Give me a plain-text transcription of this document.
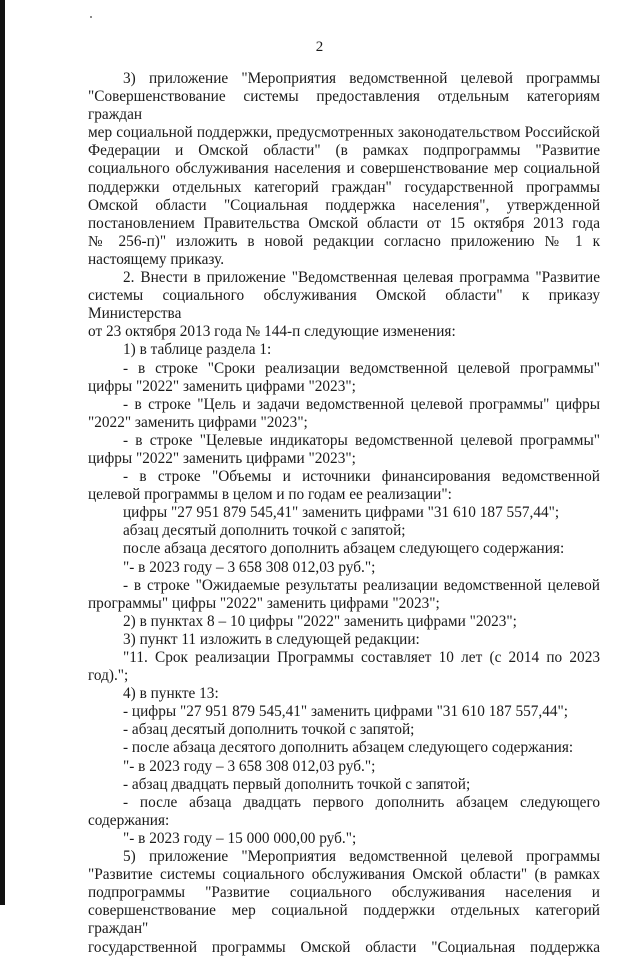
2

3) приложение "Мероприятия ведомственной целевой программы

"Совершенствование системы предоставления отдельным категориям граждан

мер социальной поддержки, предусмотренных законодательством Российской

Федерации и Омской области" (в рамках подпрограммы "Развитие

социального обслуживания населения и совершенствование мер социальной

поддержки отдельных категорий граждан" государственной программы

Омской области "Социальная поддержка населения", утвержденной

постановлением Правительства Омской области от 15 октября 2013 года

№ 256-п)" изложить в новой редакции согласно приложению № 1 к

настоящему приказу.

2. Внести в приложение "Ведомственная целевая программа "Развитие

системы социального обслуживания Омской области" к приказу Министерства

от 23 октября 2013 года № 144-п следующие изменения:

1) в таблице раздела 1:

- в строке "Сроки реализации ведомственной целевой программы"

цифры "2022" заменить цифрами "2023";

- в строке "Цель и задачи ведомственной целевой программы" цифры

"2022" заменить цифрами "2023";

- в строке "Целевые индикаторы ведомственной целевой программы"

цифры "2022" заменить цифрами "2023";

- в строке "Объемы и источники финансирования ведомственной

целевой программы в целом и по годам ее реализации":

цифры "27 951 879 545,41" заменить цифрами "31 610 187 557,44";

абзац десятый дополнить точкой с запятой;

после абзаца десятого дополнить абзацем следующего содержания:

"- в 2023 году – 3 658 308 012,03 руб.";

- в строке "Ожидаемые результаты реализации ведомственной целевой

программы" цифры "2022" заменить цифрами "2023";

2) в пунктах 8 – 10 цифры "2022" заменить цифрами "2023";

3) пункт 11 изложить в следующей редакции:

"11. Срок реализации Программы составляет 10 лет (с 2014 по 2023 год).";

4) в пункте 13:

- цифры "27 951 879 545,41" заменить цифрами "31 610 187 557,44";

- абзац десятый дополнить точкой с запятой;

- после абзаца десятого дополнить абзацем следующего содержания:

"- в 2023 году – 3 658 308 012,03 руб.";

- абзац двадцать первый дополнить точкой с запятой;

- после абзаца двадцать первого дополнить абзацем следующего

содержания:

"- в 2023 году – 15 000 000,00 руб.";

5) приложение "Мероприятия ведомственной целевой программы

"Развитие системы социального обслуживания Омской области" (в рамках

подпрограммы "Развитие социального обслуживания населения и

совершенствование мер социальной поддержки отдельных категорий граждан"

государственной программы Омской области "Социальная поддержка
